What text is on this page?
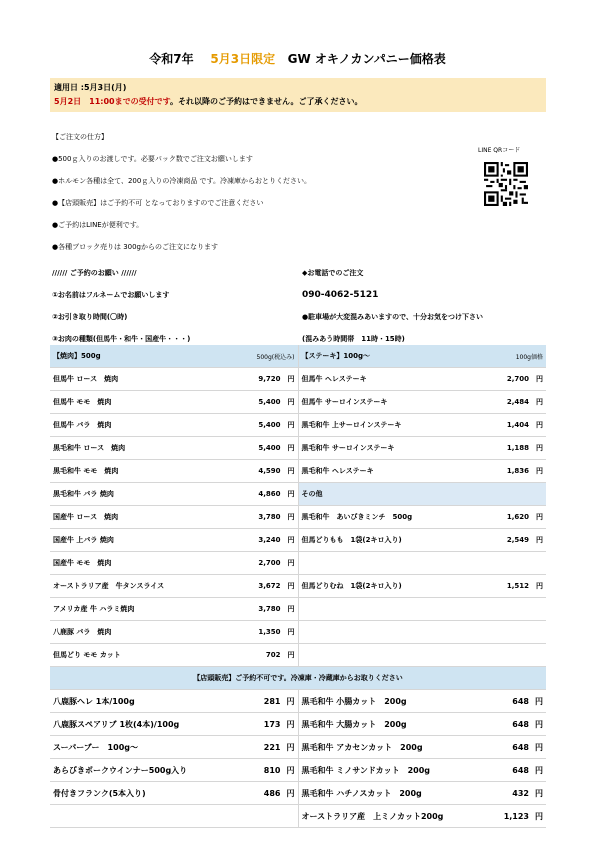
令和7年 5月3日限定 GW オキノカンパニー価格表
適用日 :5月3日(月)
5月2日　11:00までの受付です。それ以降のご予約はできません。ご了承ください。
【ご注文の仕方】
●500ｇ入りのお渡しです。必要パック数でご注文お願いします
●ホルモン各種は全て、200ｇ入りの冷凍商品 です。冷凍庫からおとりください。
●【店頭販売】はご予約不可 となっておりますのでご注意ください
●ご予約はLINEが便利です。
●各種ブロック売りは 300gからのご注文になります
LINE QRコード
////// ご予約のお願い //////
①お名前はフルネームでお願いします
②お引き取り時間(〇時)
③お肉の種類(但馬牛・和牛・国産牛・・・)
◆お電話でのご注文
090-4062-5121
●駐車場が大変混みあいますので、十分お気をつけ下さい
(混みあう時間帯　11時・15時)
【焼肉】500g	500g(税込み)	【ステーキ】100g～	100g価格
但馬牛 ロース　焼肉	9,720 円	但馬牛 ヘレステーキ	2,700 円
但馬牛 モモ　焼肉	5,400 円	但馬牛 サーロインステーキ	2,484 円
但馬牛 バラ　焼肉	5,400 円	黒毛和牛 上サーロインステーキ	1,404 円
黒毛和牛 ロース　焼肉	5,400 円	黒毛和牛 サーロインステーキ	1,188 円
黒毛和牛 モモ　焼肉	4,590 円	黒毛和牛 ヘレステーキ	1,836 円
黒毛和牛 バラ 焼肉	4,860 円	その他	
国産牛 ロース　焼肉	3,780 円	黒毛和牛　あいびきミンチ　500g	1,620 円
国産牛 上バラ 焼肉	3,240 円	但馬どりもも　1袋(2キロ入り)	2,549 円
国産牛 モモ　焼肉	2,700 円		
オーストラリア産　牛タンスライス	3,672 円	但馬どりむね　1袋(2キロ入り)	1,512 円
アメリカ産 牛 ハラミ焼肉	3,780 円		
八鹿豚 バラ　焼肉	1,350 円		
但馬どり モモ カット	702 円		
【店頭販売】ご予約不可です。冷凍庫・冷蔵庫からお取りください			
八鹿豚ヘレ 1本/100g	281 円	黒毛和牛 小腸カット　200g	648 円
八鹿豚スペアリブ 1枚(4本)/100g	173 円	黒毛和牛 大腸カット　200g	648 円
スーパーブー　100g～	221 円	黒毛和牛 アカセンカット　200g	648 円
あらびきポークウインナー500g入り	810 円	黒毛和牛 ミノサンドカット　200g	648 円
骨付きフランク(5本入り)	486 円	黒毛和牛 ハチノスカット　200g	432 円
		オーストラリア産　上ミノカット200g	1,123 円
